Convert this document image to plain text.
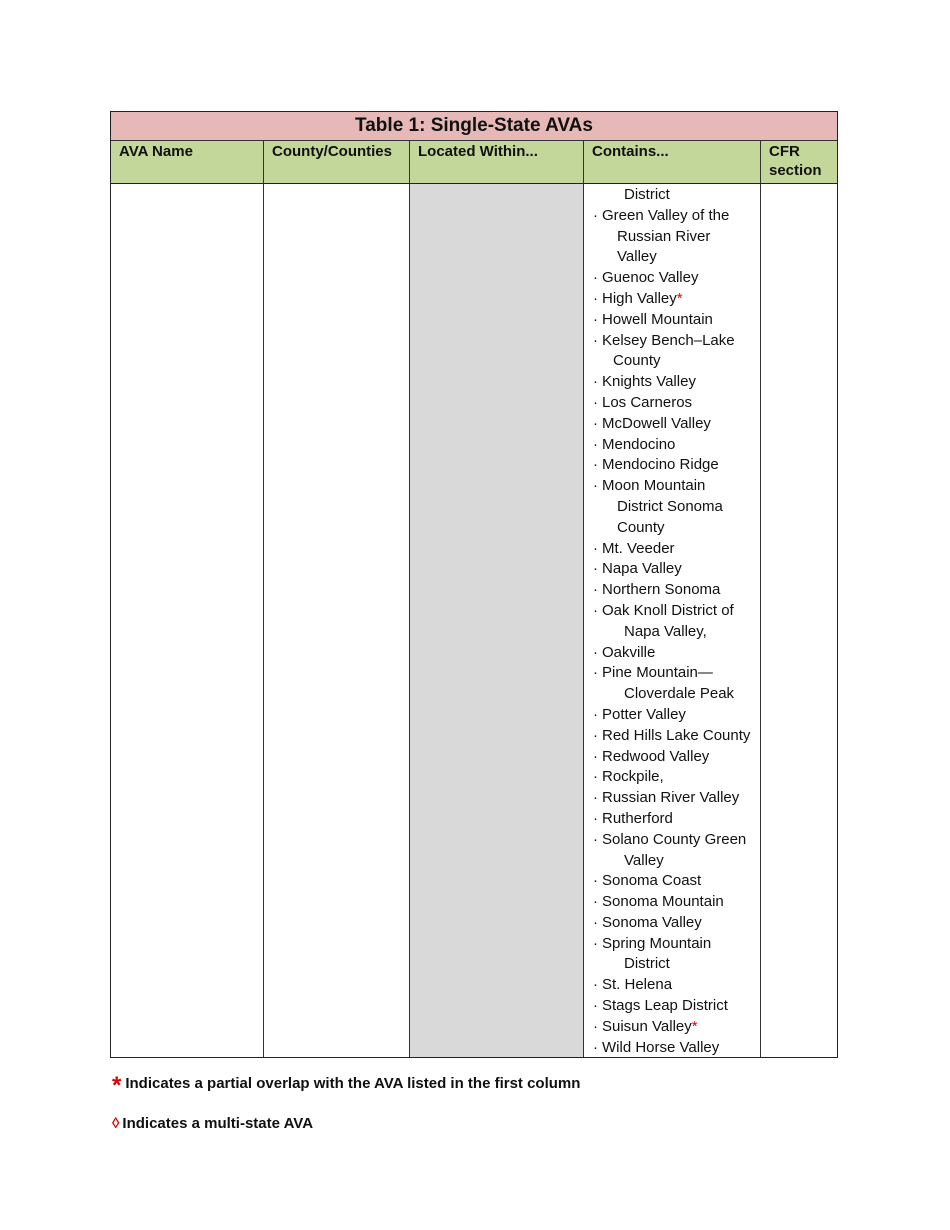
Table 1: Single-State AVAs
AVA Name	County/Counties	Located Within...	Contains...	CFR section
District
· Green Valley of the
Russian River
Valley
· Guenoc Valley
· High Valley*
· Howell Mountain
· Kelsey Bench–Lake
County
· Knights Valley
· Los Carneros
· McDowell Valley
· Mendocino
· Mendocino Ridge
· Moon Mountain
District Sonoma
County
· Mt. Veeder
· Napa Valley
· Northern Sonoma
· Oak Knoll District of
Napa Valley,
· Oakville
· Pine Mountain—
Cloverdale Peak
· Potter Valley
· Red Hills Lake County
· Redwood Valley
· Rockpile,
· Russian River Valley
· Rutherford
· Solano County Green
Valley
· Sonoma Coast
· Sonoma Mountain
· Sonoma Valley
· Spring Mountain
District
· St. Helena
· Stags Leap District
· Suisun Valley*
· Wild Horse Valley
* Indicates a partial overlap with the AVA listed in the first column
◊ Indicates a multi-state AVA
